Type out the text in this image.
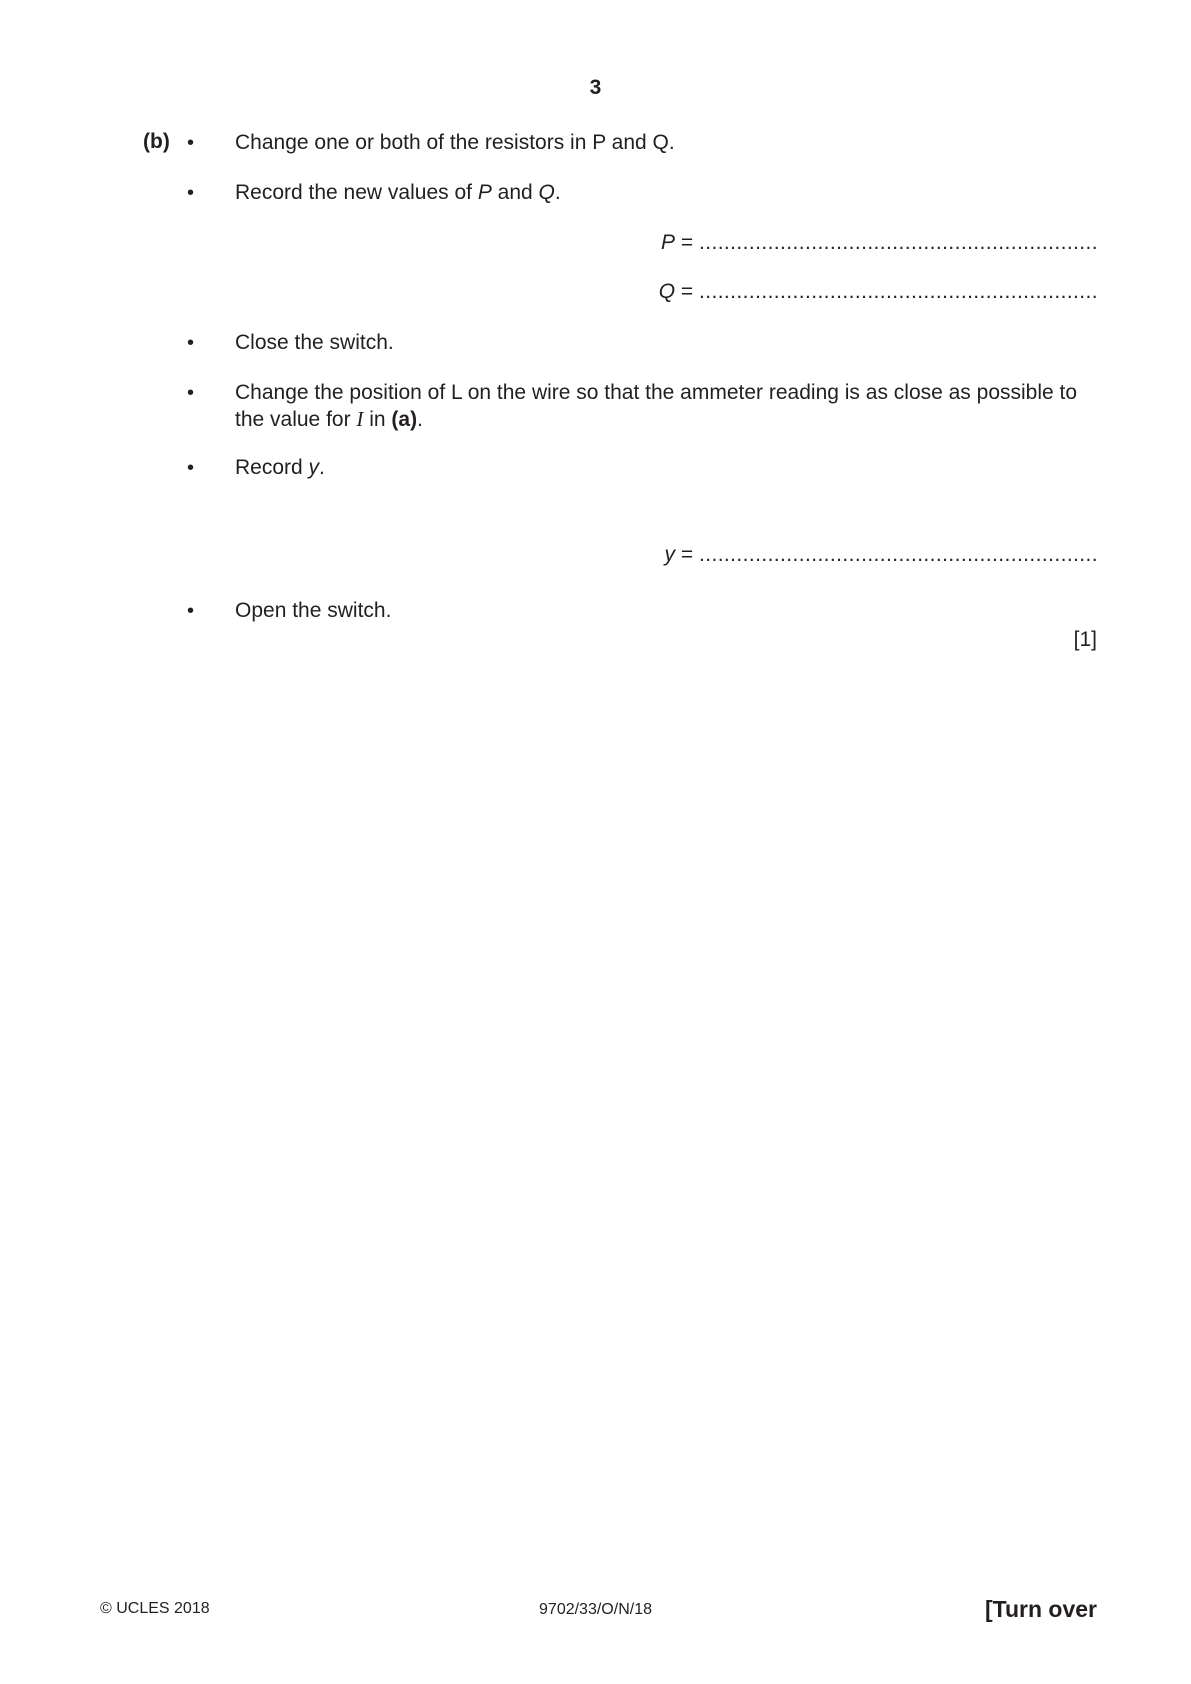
3
(b) • Change one or both of the resistors in P and Q.
• Record the new values of P and Q.
P = ................................................................
Q = ................................................................
• Close the switch.
• Change the position of L on the wire so that the ammeter reading is as close as possible to the value for I in (a).
• Record y.
y = ................................................................
• Open the switch.
[1]
© UCLES 2018	9702/33/O/N/18	[Turn over
